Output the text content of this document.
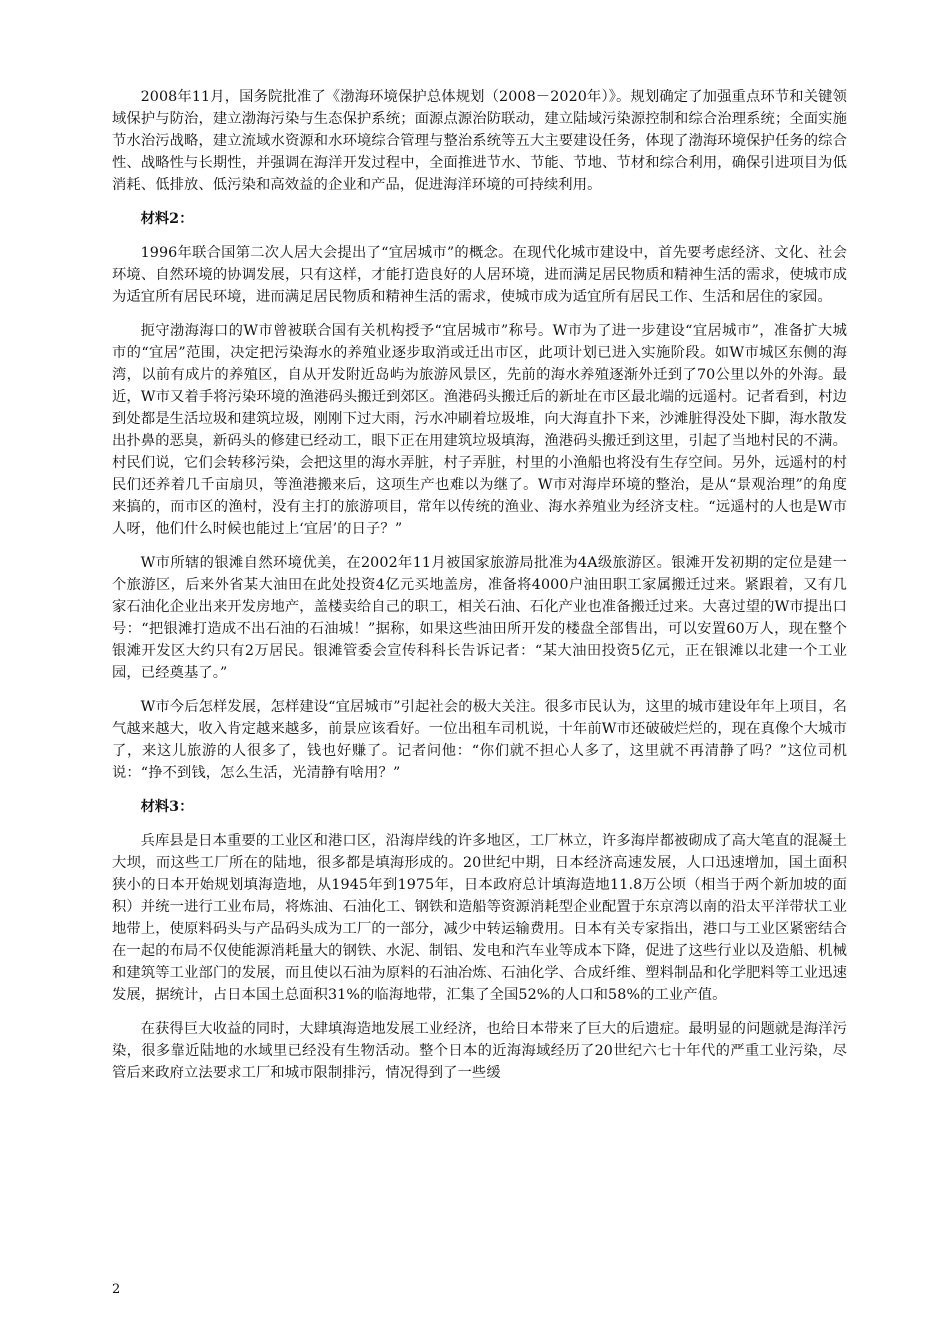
2008年11月，国务院批准了《渤海环境保护总体规划（2008－2020年）》。规划确定了加强重点环节和关键领域保护与防治，建立渤海污染与生态保护系统；面源点源治防联动，建立陆域污染源控制和综合治理系统；全面实施节水治污战略，建立流域水资源和水环境综合管理与整治系统等五大主要建设任务，体现了渤海环境保护任务的综合性、战略性与长期性，并强调在海洋开发过程中，全面推进节水、节能、节地、节材和综合利用，确保引进项目为低消耗、低排放、低污染和高效益的企业和产品，促进海洋环境的可持续利用。

材料2：

1996年联合国第二次人居大会提出了“宜居城市”的概念。在现代化城市建设中，首先要考虑经济、文化、社会环境、自然环境的协调发展，只有这样，才能打造良好的人居环境，进而满足居民物质和精神生活的需求，使城市成为适宜所有居民环境，进而满足居民物质和精神生活的需求，使城市成为适宜所有居民工作、生活和居住的家园。

扼守渤海海口的W市曾被联合国有关机构授予“宜居城市”称号。W市为了进一步建设“宜居城市”，准备扩大城市的“宜居”范围，决定把污染海水的养殖业逐步取消或迁出市区，此项计划已进入实施阶段。如W市城区东侧的海湾，以前有成片的养殖区，自从开发附近岛屿为旅游风景区，先前的海水养殖逐渐外迁到了70公里以外的外海。最近，W市又着手将污染环境的渔港码头搬迁到郊区。渔港码头搬迁后的新址在市区最北端的远遥村。记者看到，村边到处都是生活垃圾和建筑垃圾，刚刚下过大雨，污水冲刷着垃圾堆，向大海直扑下来，沙滩脏得没处下脚，海水散发出扑鼻的恶臭，新码头的修建已经动工，眼下正在用建筑垃圾填海，渔港码头搬迁到这里，引起了当地村民的不满。村民们说，它们会转移污染，会把这里的海水弄脏，村子弄脏，村里的小渔船也将没有生存空间。另外，远遥村的村民们还养着几千亩扇贝，等渔港搬来后，这项生产也难以为继了。W市对海岸环境的整治，是从“景观治理”的角度来搞的，而市区的渔村，没有主打的旅游项目，常年以传统的渔业、海水养殖业为经济支柱。“远遥村的人也是W市人呀，他们什么时候也能过上‘宜居’的日子？”

W市所辖的银滩自然环境优美，在2002年11月被国家旅游局批准为4A级旅游区。银滩开发初期的定位是建一个旅游区，后来外省某大油田在此处投资4亿元买地盖房，准备将4000户油田职工家属搬迁过来。紧跟着，又有几家石油化企业出来开发房地产，盖楼卖给自己的职工，相关石油、石化产业也准备搬迁过来。大喜过望的W市提出口号：“把银滩打造成不出石油的石油城！”据称，如果这些油田所开发的楼盘全部售出，可以安置60万人，现在整个银滩开发区大约只有2万居民。银滩管委会宣传科科长告诉记者：“某大油田投资5亿元，正在银滩以北建一个工业园，已经奠基了。”

W市今后怎样发展，怎样建设“宜居城市”引起社会的极大关注。很多市民认为，这里的城市建设年年上项目，名气越来越大，收入肯定越来越多，前景应该看好。一位出租车司机说，十年前W市还破破烂烂的，现在真像个大城市了，来这儿旅游的人很多了，钱也好赚了。记者问他：“你们就不担心人多了，这里就不再清静了吗？”这位司机说：“挣不到钱，怎么生活，光清静有啥用？”

材料3：

兵库县是日本重要的工业区和港口区，沿海岸线的许多地区，工厂林立，许多海岸都被砌成了高大笔直的混凝土大坝，而这些工厂所在的陆地，很多都是填海形成的。20世纪中期，日本经济高速发展，人口迅速增加，国土面积狭小的日本开始规划填海造地，从1945年到1975年，日本政府总计填海造地11.8万公顷（相当于两个新加坡的面积）并统一进行工业布局，将炼油、石油化工、钢铁和造船等资源消耗型企业配置于东京湾以南的沿太平洋带状工业地带上，使原料码头与产品码头成为工厂的一部分，减少中转运输费用。日本有关专家指出，港口与工业区紧密结合在一起的布局不仅使能源消耗量大的钢铁、水泥、制铝、发电和汽车业等成本下降，促进了这些行业以及造船、机械和建筑等工业部门的发展，而且使以石油为原料的石油冶炼、石油化学、合成纤维、塑料制品和化学肥料等工业迅速发展，据统计，占日本国土总面积31%的临海地带，汇集了全国52%的人口和58%的工业产值。

在获得巨大收益的同时，大肆填海造地发展工业经济，也给日本带来了巨大的后遗症。最明显的问题就是海洋污染，很多靠近陆地的水域里已经没有生物活动。整个日本的近海海域经历了20世纪六七十年代的严重工业污染，尽管后来政府立法要求工厂和城市限制排污，情况得到了一些缓

2
